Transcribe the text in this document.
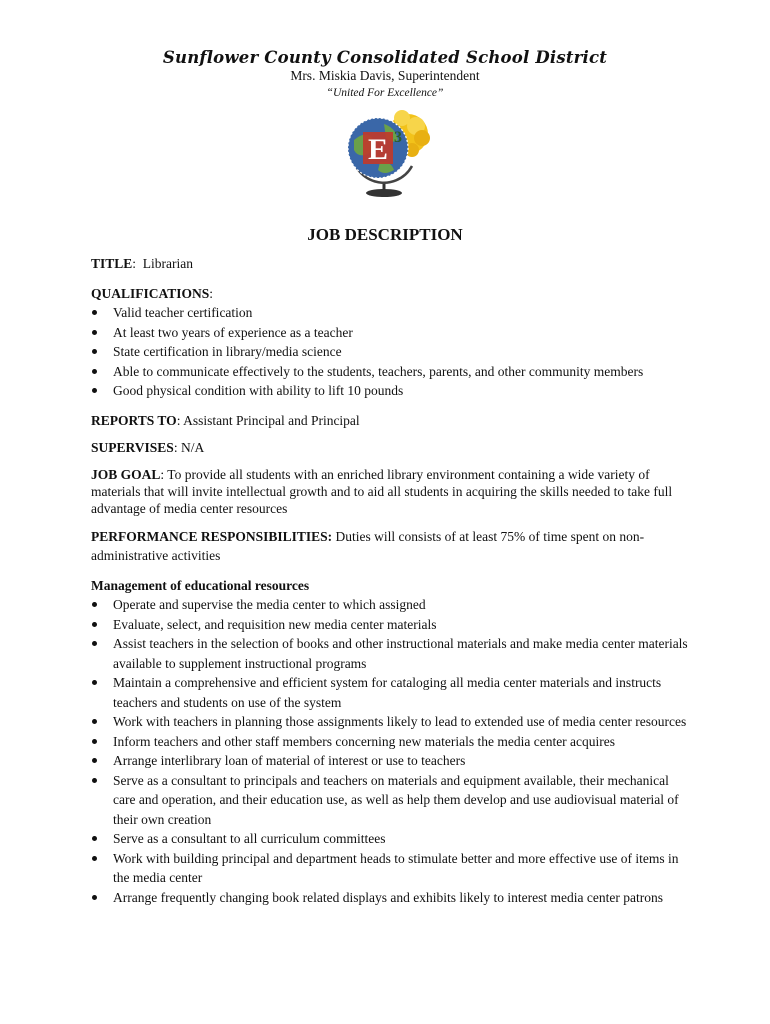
Sunflower County Consolidated School District
Mrs. Miskia Davis, Superintendent
“United For Excellence”
E 3
JOB DESCRIPTION

TITLE:  Librarian

QUALIFICATIONS:

Valid teacher certification
At least two years of experience as a teacher
State certification in library/media science
Able to communicate effectively to the students, teachers, parents, and other community members
Good physical condition with ability to lift 10 pounds

REPORTS TO: Assistant Principal and Principal

SUPERVISES: N/A

JOB GOAL: To provide all students with an enriched library environment containing a wide variety of materials that will invite intellectual growth and to aid all students in acquiring the skills needed to take full advantage of media center resources

PERFORMANCE RESPONSIBILITIES: Duties will consists of at least 75% of time spent on non-administrative activities

Management of educational resources

Operate and supervise the media center to which assigned
Evaluate, select, and requisition new media center materials
Assist teachers in the selection of books and other instructional materials and make media center materials available to supplement instructional programs
Maintain a comprehensive and efficient system for cataloging all media center materials and instructs teachers and students on use of the system
Work with teachers in planning those assignments likely to lead to extended use of media center resources
Inform teachers and other staff members concerning new materials the media center acquires
Arrange interlibrary loan of material of interest or use to teachers
Serve as a consultant to principals and teachers on materials and equipment available, their mechanical care and operation, and their education use, as well as help them develop and use audiovisual material of their own creation
Serve as a consultant to all curriculum committees
Work with building principal and department heads to stimulate better and more effective use of items in the media center
Arrange frequently changing book related displays and exhibits likely to interest media center patrons
